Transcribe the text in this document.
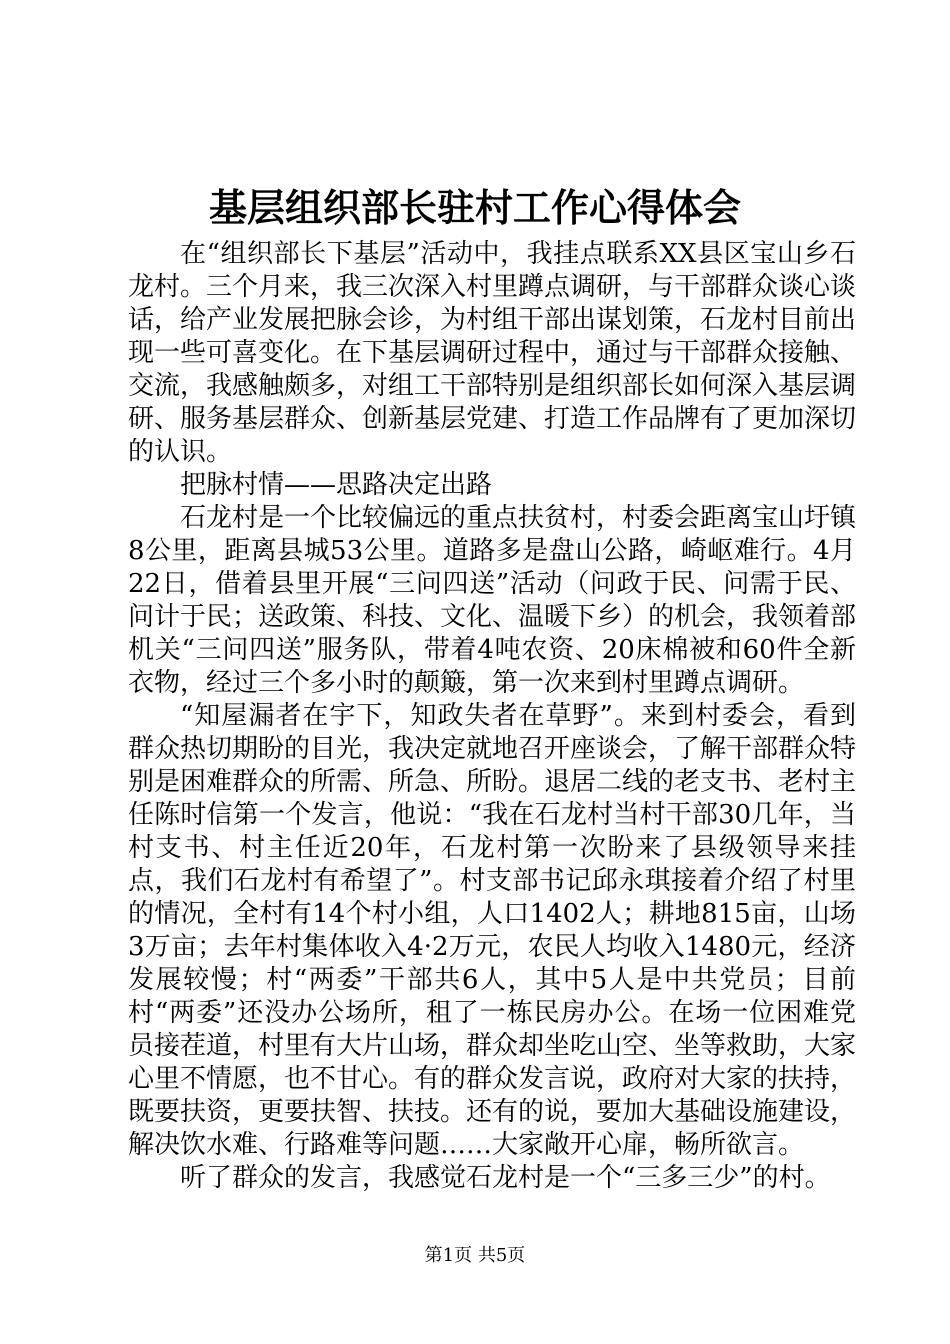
基层组织部长驻村工作心得体会

在“组织部长下基层”活动中，我挂点联系XX县区宝山乡石龙村。三个月来，我三次深入村里蹲点调研，与干部群众谈心谈话，给产业发展把脉会诊，为村组干部出谋划策，石龙村目前出现一些可喜变化。在下基层调研过程中，通过与干部群众接触、交流，我感触颇多，对组工干部特别是组织部长如何深入基层调研、服务基层群众、创新基层党建、打造工作品牌有了更加深切的认识。

把脉村情——思路决定出路

石龙村是一个比较偏远的重点扶贫村，村委会距离宝山圩镇8公里，距离县城53公里。道路多是盘山公路，崎岖难行。4月22日，借着县里开展“三问四送”活动（问政于民、问需于民、问计于民；送政策、科技、文化、温暖下乡）的机会，我领着部机关“三问四送”服务队，带着4吨农资、20床棉被和60件全新衣物，经过三个多小时的颠簸，第一次来到村里蹲点调研。

“知屋漏者在宇下，知政失者在草野”。来到村委会，看到群众热切期盼的目光，我决定就地召开座谈会，了解干部群众特别是困难群众的所需、所急、所盼。退居二线的老支书、老村主任陈时信第一个发言，他说：“我在石龙村当村干部30几年，当村支书、村主任近20年，石龙村第一次盼来了县级领导来挂点，我们石龙村有希望了”。村支部书记邱永琪接着介绍了村里的情况，全村有14个村小组，人口1402人；耕地815亩，山场3万亩；去年村集体收入4·2万元，农民人均收入1480元，经济发展较慢；村“两委”干部共6人，其中5人是中共党员；目前村“两委”还没办公场所，租了一栋民房办公。在场一位困难党员接茬道，村里有大片山场，群众却坐吃山空、坐等救助，大家心里不情愿，也不甘心。有的群众发言说，政府对大家的扶持，既要扶资，更要扶智、扶技。还有的说，要加大基础设施建设，解决饮水难、行路难等问题……大家敞开心扉，畅所欲言。

听了群众的发言，我感觉石龙村是一个“三多三少”的村。

第1页 共5页
